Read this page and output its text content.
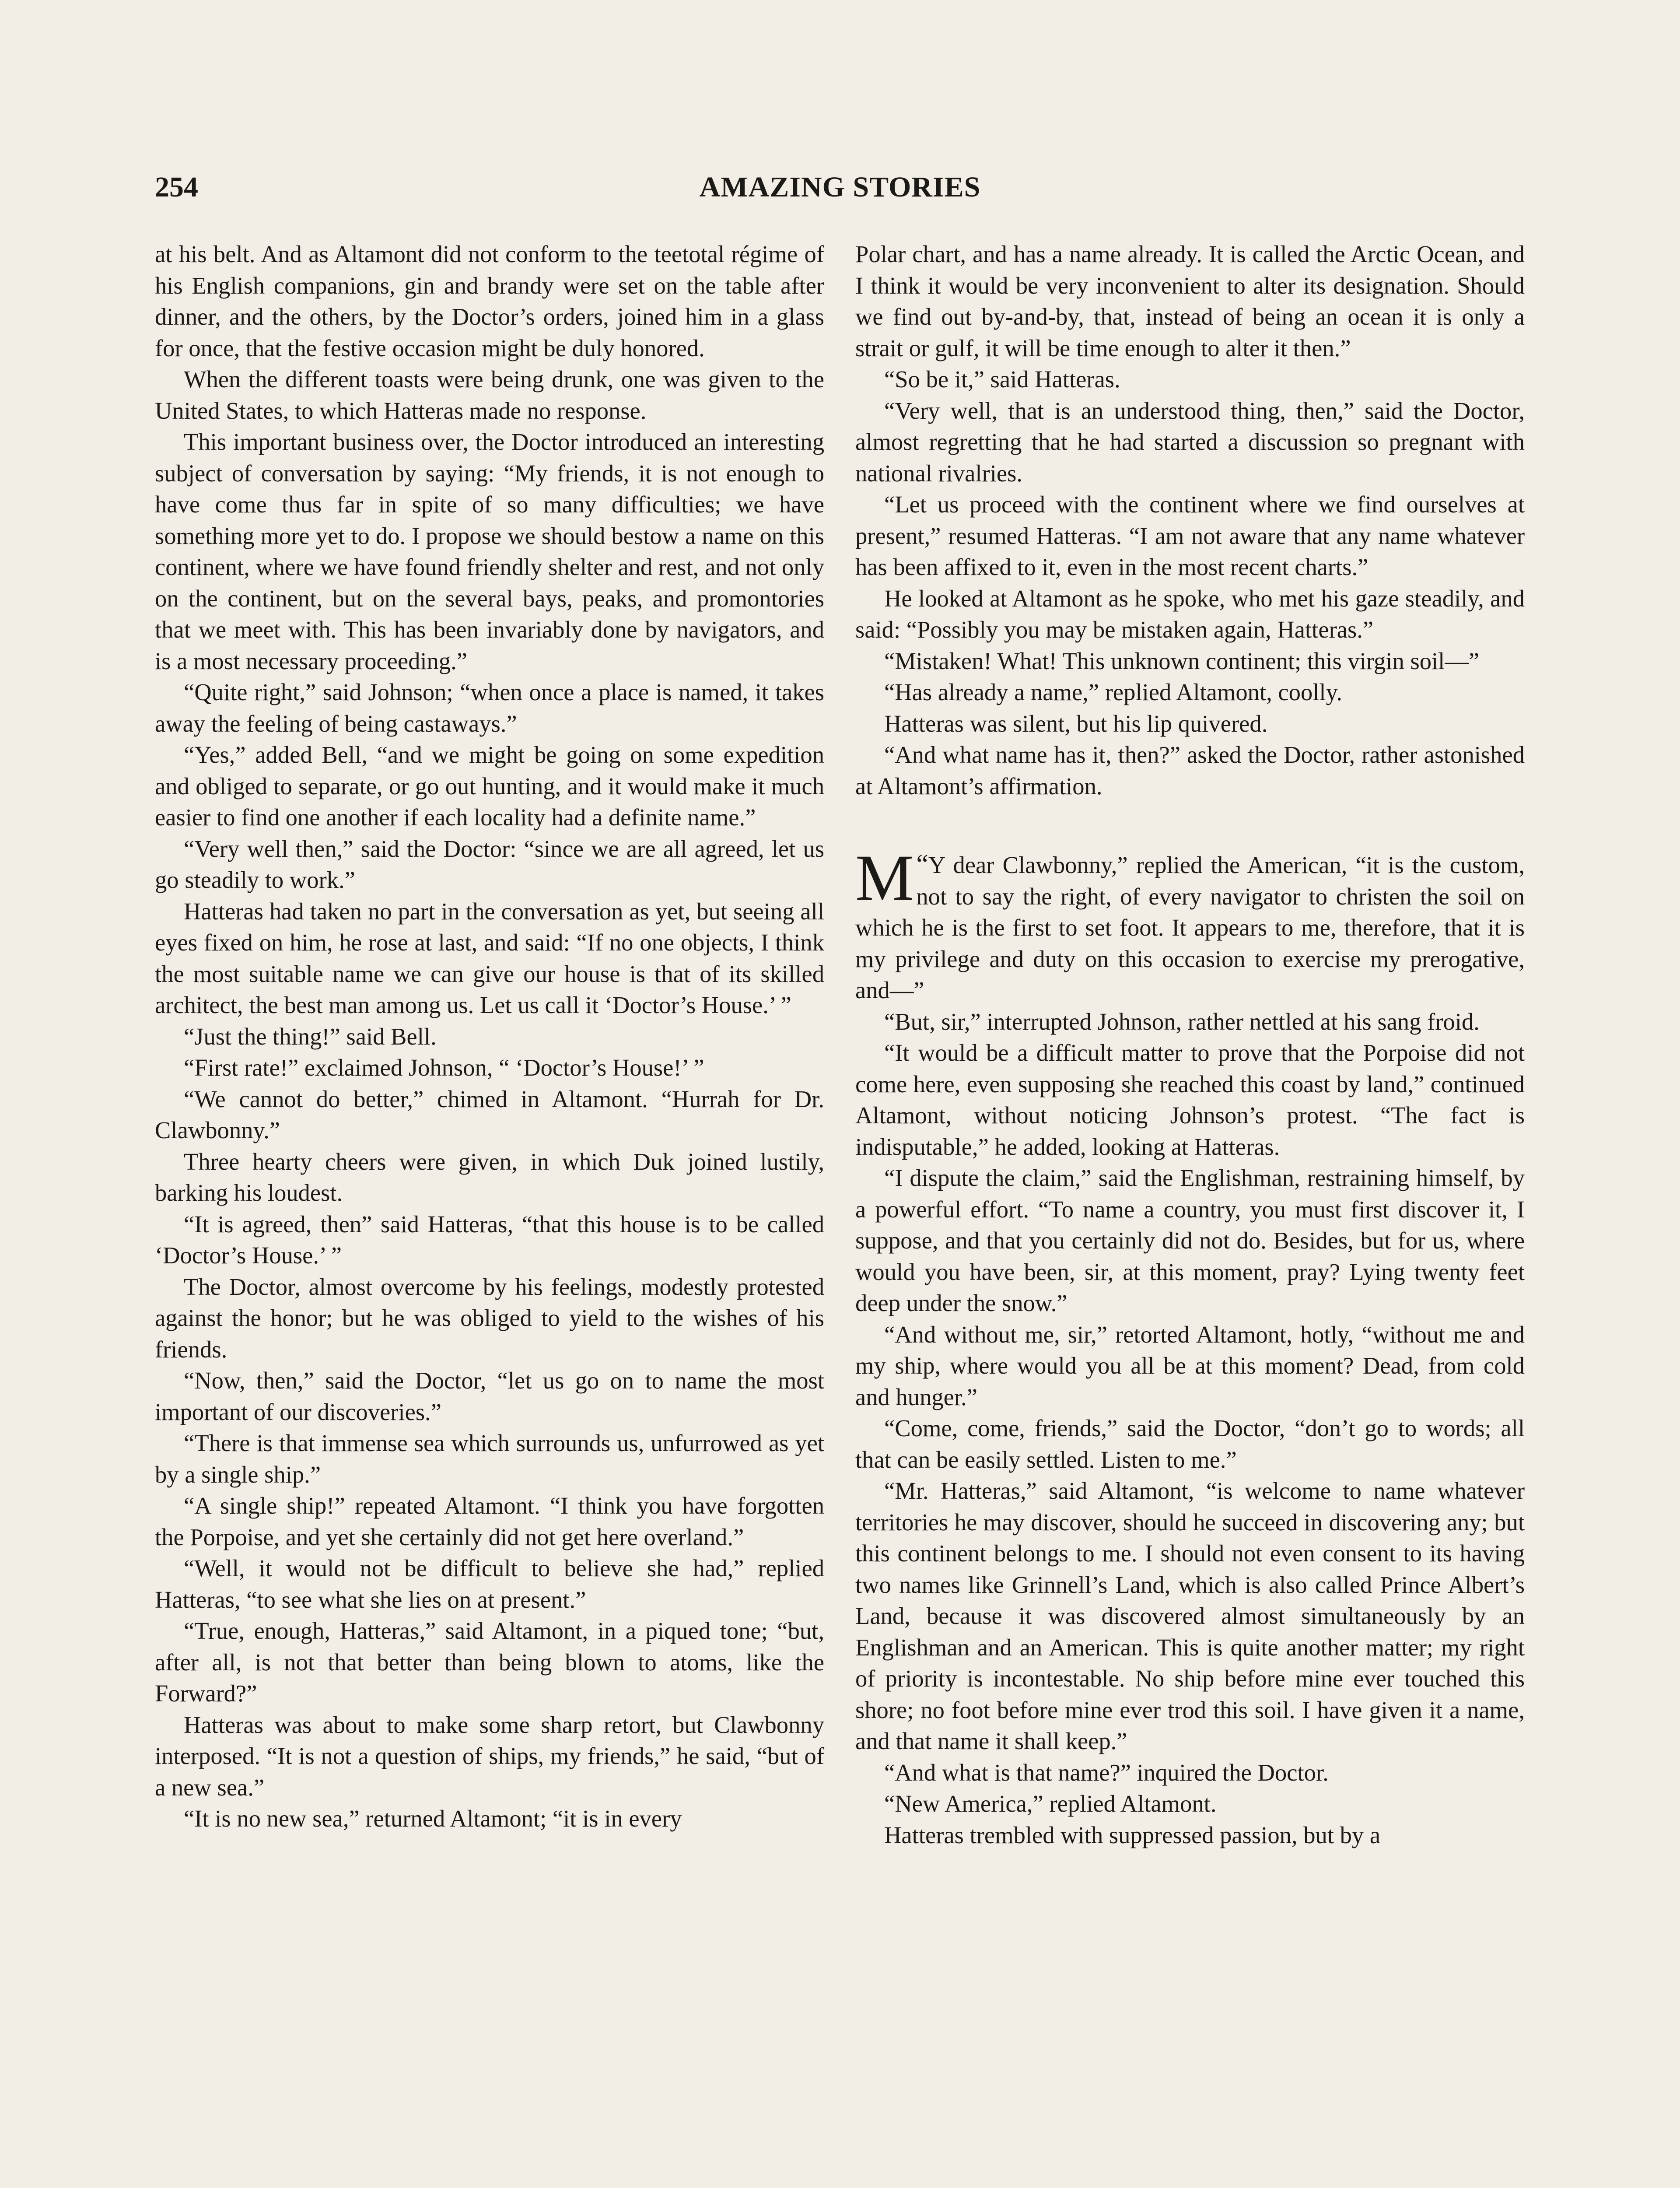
AMAZING STORIES
254

at his belt. And as Altamont did not conform to the teetotal régime of his English companions, gin and brandy were set on the table after dinner, and the others, by the Doctor’s orders, joined him in a glass for once, that the festive occasion might be duly honored.

When the different toasts were being drunk, one was given to the United States, to which Hatteras made no response.

This important business over, the Doctor introduced an interesting subject of conversation by saying: “My friends, it is not enough to have come thus far in spite of so many difficulties; we have something more yet to do. I propose we should bestow a name on this continent, where we have found friendly shelter and rest, and not only on the continent, but on the several bays, peaks, and promontories that we meet with. This has been invariably done by navigators, and is a most necessary proceeding.”

“Quite right,” said Johnson; “when once a place is named, it takes away the feeling of being castaways.”

“Yes,” added Bell, “and we might be going on some expedition and obliged to separate, or go out hunting, and it would make it much easier to find one another if each locality had a definite name.”

“Very well then,” said the Doctor: “since we are all agreed, let us go steadily to work.”

Hatteras had taken no part in the conversation as yet, but seeing all eyes fixed on him, he rose at last, and said: “If no one objects, I think the most suitable name we can give our house is that of its skilled architect, the best man among us. Let us call it ‘Doctor’s House.’ ”

“Just the thing!” said Bell.

“First rate!” exclaimed Johnson, “ ‘Doctor’s House!’ ”

“We cannot do better,” chimed in Altamont. “Hurrah for Dr. Clawbonny.”

Three hearty cheers were given, in which Duk joined lustily, barking his loudest.

“It is agreed, then” said Hatteras, “that this house is to be called ‘Doctor’s House.’ ”

The Doctor, almost overcome by his feelings, modestly protested against the honor; but he was obliged to yield to the wishes of his friends.

“Now, then,” said the Doctor, “let us go on to name the most important of our discoveries.”

“There is that immense sea which surrounds us, unfurrowed as yet by a single ship.”

“A single ship!” repeated Altamont. “I think you have forgotten the Porpoise, and yet she certainly did not get here overland.”

“Well, it would not be difficult to believe she had,” replied Hatteras, “to see what she lies on at present.”

“True, enough, Hatteras,” said Altamont, in a piqued tone; “but, after all, is not that better than being blown to atoms, like the Forward?”

Hatteras was about to make some sharp retort, but Clawbonny interposed. “It is not a question of ships, my friends,” he said, “but of a new sea.”

“It is no new sea,” returned Altamont; “it is in every

Polar chart, and has a name already. It is called the Arctic Ocean, and I think it would be very inconvenient to alter its designation. Should we find out by-and-by, that, instead of being an ocean it is only a strait or gulf, it will be time enough to alter it then.”

“So be it,” said Hatteras.

“Very well, that is an understood thing, then,” said the Doctor, almost regretting that he had started a discussion so pregnant with national rivalries.

“Let us proceed with the continent where we find ourselves at present,” resumed Hatteras. “I am not aware that any name whatever has been affixed to it, even in the most recent charts.”

He looked at Altamont as he spoke, who met his gaze steadily, and said: “Possibly you may be mistaken again, Hatteras.”

“Mistaken! What! This unknown continent; this virgin soil—”

“Has already a name,” replied Altamont, coolly.

Hatteras was silent, but his lip quivered.

“And what name has it, then?” asked the Doctor, rather astonished at Altamont’s affirmation.

“
M Y dear Clawbonny,” replied the American, “it is the custom, not to say the right, of every navigator to christen the soil on which he is the first to set foot. It appears to me, therefore, that it is my privilege and duty on this occasion to exercise my prerogative, and—”

“But, sir,” interrupted Johnson, rather nettled at his sang froid.

“It would be a difficult matter to prove that the Porpoise did not come here, even supposing she reached this coast by land,” continued Altamont, without noticing Johnson’s protest. “The fact is indisputable,” he added, looking at Hatteras.

“I dispute the claim,” said the Englishman, restraining himself, by a powerful effort. “To name a country, you must first discover it, I suppose, and that you certainly did not do. Besides, but for us, where would you have been, sir, at this moment, pray? Lying twenty feet deep under the snow.”

“And without me, sir,” retorted Altamont, hotly, “without me and my ship, where would you all be at this moment? Dead, from cold and hunger.”

“Come, come, friends,” said the Doctor, “don’t go to words; all that can be easily settled. Listen to me.”

“Mr. Hatteras,” said Altamont, “is welcome to name whatever territories he may discover, should he succeed in discovering any; but this continent belongs to me. I should not even consent to its having two names like Grinnell’s Land, which is also called Prince Albert’s Land, because it was discovered almost simultaneously by an Englishman and an American. This is quite another matter; my right of priority is incontestable. No ship before mine ever touched this shore; no foot before mine ever trod this soil. I have given it a name, and that name it shall keep.”

“And what is that name?” inquired the Doctor.

“New America,” replied Altamont.

Hatteras trembled with suppressed passion, but by a
